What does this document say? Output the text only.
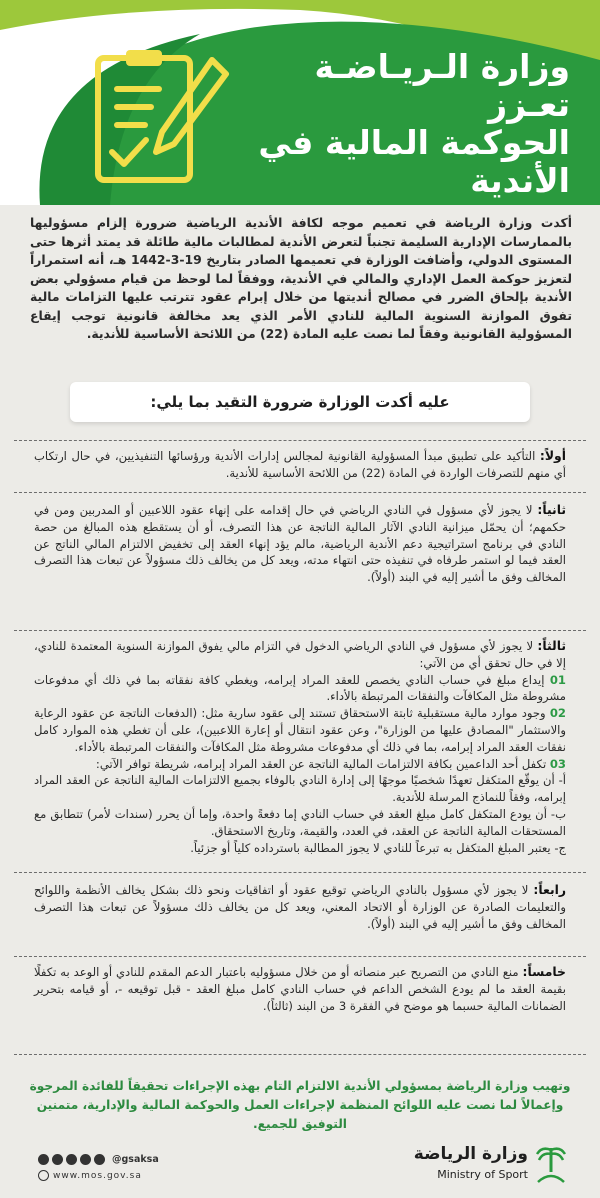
وزارة الـريـاضـة تعـزز
الحوكمة المالية في
الأندية
أكدت وزارة الرياضة في تعميم موجه لكافة الأندية الرياضية ضرورة إلزام مسؤوليها بالممارسات الإدارية السليمة تجنباً لتعرض الأندية لمطالبات مالية طائلة قد يمتد أثرها حتى المستوى الدولي، وأضافت الوزارة في تعميمها الصادر بتاريخ 19-3-1442 هـ، أنه استمراراً لتعزيز حوكمة العمل الإداري والمالي في الأندية، ووفقاً لما لوحظ من قيام مسؤولي بعض الأندية بإلحاق الضرر في مصالح أنديتها من خلال إبرام عقود تترتب عليها التزامات مالية تفوق الموازنة السنوية المالية للنادي الأمر الذي يعد مخالفة قانونية توجب إيقاع المسؤولية القانونية وفقاً لما نصت عليه المادة (22) من اللائحة الأساسية للأندية.
عليه أكدت الوزارة ضرورة التقيد بما يلي:

أولاً: التأكيد على تطبيق مبدأ المسؤولية القانونية لمجالس إدارات الأندية ورؤسائها التنفيذيين، في حال ارتكاب أي منهم للتصرفات الواردة في المادة (22) من اللائحة الأساسية للأندية.

ثانياً: لا يجوز لأي مسؤول في النادي الرياضي في حال إقدامه على إنهاء عقود اللاعبين أو المدربين ومن في حكمهم؛ أن يحمّل ميزانية النادي الآثار المالية الناتجة عن هذا التصرف، أو أن يستقطع هذه المبالغ من حصة النادي في برنامج استراتيجية دعم الأندية الرياضية، مالم يؤد إنهاء العقد إلى تخفيض الالتزام المالي الناتج عن العقد فيما لو استمر طرفاه في تنفيذه حتى انتهاء مدته، ويعد كل من يخالف ذلك مسؤولاً عن تبعات هذا التصرف المخالف وفق ما أشير إليه في البند (أولاً).

ثالثاً: لا يجوز لأي مسؤول في النادي الرياضي الدخول في التزام مالي يفوق الموازنة السنوية المعتمدة للنادي، إلا في حال تحقق أي من الآتي:

01 إيداع مبلغ في حساب النادي يخصص للعقد المراد إبرامه، ويغطي كافة نفقاته بما في ذلك أي مدفوعات مشروطة مثل المكافآت والنفقات المرتبطة بالأداء.

02 وجود موارد مالية مستقبلية ثابتة الاستحقاق تستند إلى عقود سارية مثل: (الدفعات الناتجة عن عقود الرعاية والاستثمار "المصادق عليها من الوزارة"، وعن عقود انتقال أو إعارة اللاعبين)، على أن تغطي هذه الموارد كامل نفقات العقد المراد إبرامه، بما في ذلك أي مدفوعات مشروطة مثل المكافآت والنفقات المرتبطة بالأداء.

03 تكفل أحد الداعمين بكافة الالتزامات المالية الناتجة عن العقد المراد إبرامه، شريطة توافر الآتي:

أ- أن يوقّع المتكفل تعهدًا شخصيًا موجهًا إلى إدارة النادي بالوفاء بجميع الالتزامات المالية الناتجة عن العقد المراد إبرامه، وفقاً للنماذج المرسلة للأندية.

ب- أن يودع المتكفل كامل مبلغ العقد في حساب النادي إما دفعةً واحدة، وإما أن يحرر (سندات لأمر) تتطابق مع المستحقات المالية الناتجة عن العقد، في العدد، والقيمة، وتاريخ الاستحقاق.

ج- يعتبر المبلغ المتكفل به تبرعاً للنادي لا يجوز المطالبة باسترداده كلياً أو جزئياً.

رابعاً: لا يجوز لأي مسؤول بالنادي الرياضي توقيع عقود أو اتفاقيات ونحو ذلك بشكل يخالف الأنظمة واللوائح والتعليمات الصادرة عن الوزارة أو الاتحاد المعني، ويعد كل من يخالف ذلك مسؤولاً عن تبعات هذا التصرف المخالف وفق ما أشير إليه في البند (أولاً).

خامساً: منع النادي من التصريح عبر منصاته أو من خلال مسؤوليه باعتبار الدعم المقدم للنادي أو الوعد به تكفلًا بقيمة العقد ما لم يودع الشخص الداعم في حساب النادي كامل مبلغ العقد - قبل توقيعه -، أو قيامه بتحرير الضمانات المالية حسبما هو موضح في الفقرة 3 من البند (ثالثاً).

وتهيب وزارة الرياضة بمسؤولي الأندية الالتزام التام بهذه الإجراءات تحقيقاً للفائدة المرجوة وإعمالاً لما نصت عليه اللوائح المنظمة لإجراءات العمل والحوكمة المالية والإدارية، متمنين التوفيق للجميع.
@gsaksa
www.mos.gov.sa
وزارة الرياضة
Ministry of Sport
